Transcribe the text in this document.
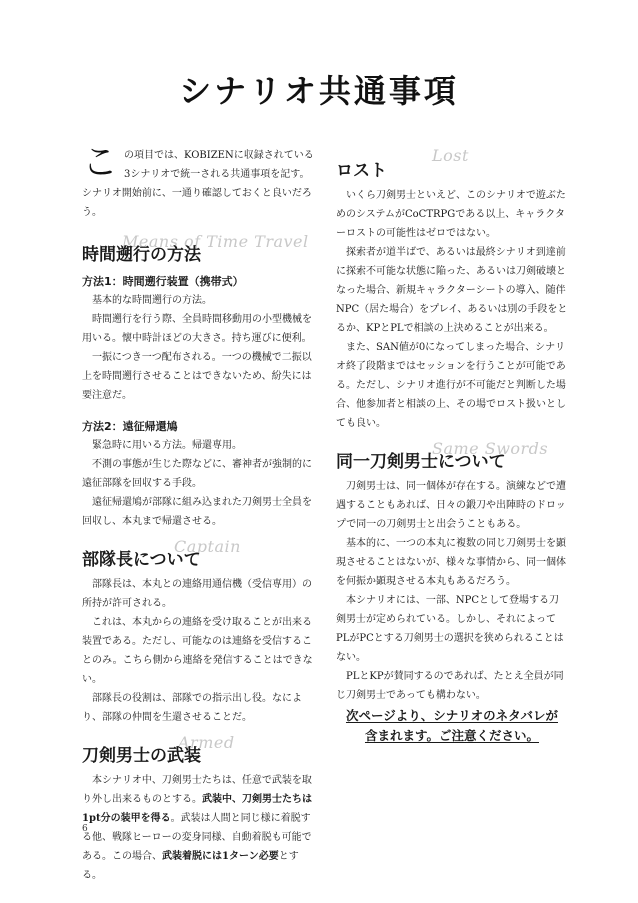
シナリオ共通事項
こ の項目では、KOBIZENに収録されている3シナリオで統一される共通事項を記す。シナリオ開始前に、一通り確認しておくと良いだろう。

Means of Time Travel
時間遡行の方法
方法1：時間遡行装置（携帯式）

基本的な時間遡行の方法。

時間遡行を行う際、全員時間移動用の小型機械を用いる。懐中時計ほどの大きさ。持ち運びに便利。

一振につき一つ配布される。一つの機械で二振以上を時間遡行させることはできないため、紛失には要注意だ。

方法2：遠征帰還鳩

緊急時に用いる方法。帰還専用。

不測の事態が生じた際などに、審神者が強制的に遠征部隊を回収する手段。

遠征帰還鳩が部隊に組み込まれた刀剣男士全員を回収し、本丸まで帰還させる。

Captain
部隊長について

部隊長は、本丸との連絡用通信機（受信専用）の所持が許可される。

これは、本丸からの連絡を受け取ることが出来る装置である。ただし、可能なのは連絡を受信することのみ。こちら側から連絡を発信することはできない。

部隊長の役割は、部隊での指示出し役。なにより、部隊の仲間を生還させることだ。

Armed
刀剣男士の武装

本シナリオ中、刀剣男士たちは、任意で武装を取り外し出来るものとする。武装中、刀剣男士たちは1pt分の装甲を得る。武装は人間と同じ様に着脱する他、戦隊ヒーローの変身同様、自動着脱も可能である。この場合、武装着脱には1ターン必要とする。

Lost
ロスト

いくら刀剣男士といえど、このシナリオで遊ぶためのシステムがCoCTRPGである以上、キャラクターロストの可能性はゼロではない。

探索者が道半ばで、あるいは最終シナリオ到達前に探索不可能な状態に陥った、あるいは刀剣破壊となった場合、新規キャラクターシートの導入、随伴NPC（居た場合）をプレイ、あるいは別の手段をとるか、KPとPLで相談の上決めることが出来る。

また、SAN値が0になってしまった場合、シナリオ終了段階まではセッションを行うことが可能である。ただし、シナリオ進行が不可能だと判断した場合、他参加者と相談の上、その場でロスト扱いとしても良い。

Same Swords
同一刀剣男士について

刀剣男士は、同一個体が存在する。演練などで遭遇することもあれば、日々の鍛刀や出陣時のドロップで同一の刀剣男士と出会うこともある。

基本的に、一つの本丸に複数の同じ刀剣男士を顕現させることはないが、様々な事情から、同一個体を何振か顕現させる本丸もあるだろう。

本シナリオには、一部、NPCとして登場する刀剣男士が定められている。しかし、それによってPLがPCとする刀剣男士の選択を狭められることはない。

PLとKPが賛同するのであれば、たとえ全員が同じ刀剣男士であっても構わない。

次ページより、シナリオのネタバレが
含まれます。ご注意ください。
6
